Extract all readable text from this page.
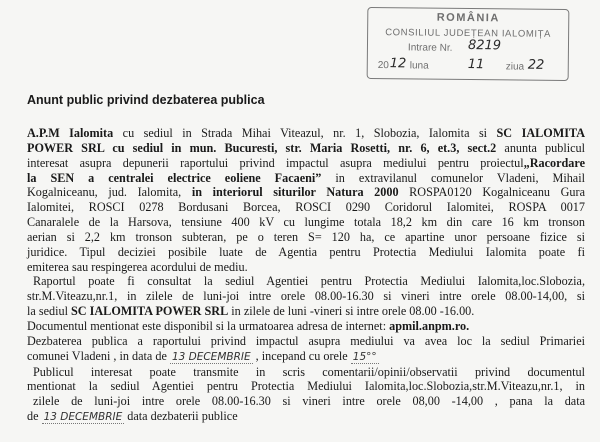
ROMÂNIA
CONSILIUL JUDEȚEAN IALOMIȚA
Intrare Nr. 8219
20 12 luna	11 ziua 22
Anunt public privind dezbaterea publica
A.P.M Ialomita cu sediul in Strada Mihai Viteazul, nr. 1, Slobozia, Ialomita si SC IALOMITA
POWER SRL cu sediul in mun. Bucuresti, str. Maria Rosetti, nr. 6, et.3, sect.2 anunta publicul
interesat asupra depunerii raportului privind impactul asupra mediului pentru proiectul„Racordare
la SEN a centralei electrice eoliene Facaeni” in extravilanul comunelor Vladeni, Mihail
Kogalniceanu, jud. Ialomita, in interiorul siturilor Natura 2000 ROSPA0120 Kogalniceanu Gura
Ialomitei, ROSCI 0278 Bordusani Borcea, ROSCI 0290 Coridorul Ialomitei, ROSPA 0017
Canaralele de la Harsova, tensiune 400 kV cu lungime totala 18,2 km din care 16 km tronson
aerian si 2,2 km tronson subteran, pe o teren S= 120 ha, ce apartine unor persoane fizice si
juridice. Tipul deciziei posibile luate de Agentia pentru Protectia Mediului Ialomita poate fi
emiterea sau respingerea acordului de mediu.
Raportul poate fi consultat la sediul Agentiei pentru Protectia Mediului Ialomita,loc.Slobozia,
str.M.Viteazu,nr.1, in zilele de luni-joi intre orele 08.00-16.30 si vineri intre orele 08.00-14,00, si
la sediul SC IALOMITA POWER SRL in zilele de luni -vineri si intre orele 08.00 -16.00.
Documentul mentionat este disponibil si la urmatoarea adresa de internet: apmil.anpm.ro.
Dezbaterea publica a raportului privind impactul asupra mediului va avea loc la sediul Primariei
comunei Vladeni , in data de 13 DECEMBRIE , incepand cu orele 15°°
Publicul interesat poate transmite in scris comentarii/opinii/observatii privind documentul
mentionat la sediul Agentiei pentru Protectia Mediului Ialomita,loc.Slobozia,str.M.Viteazu,nr.1, in
zilele de luni-joi intre orele 08.00-16.30 si vineri intre orele 08,00 -14,00 , pana la data
de 13 DECEMBRIE data dezbaterii publice
